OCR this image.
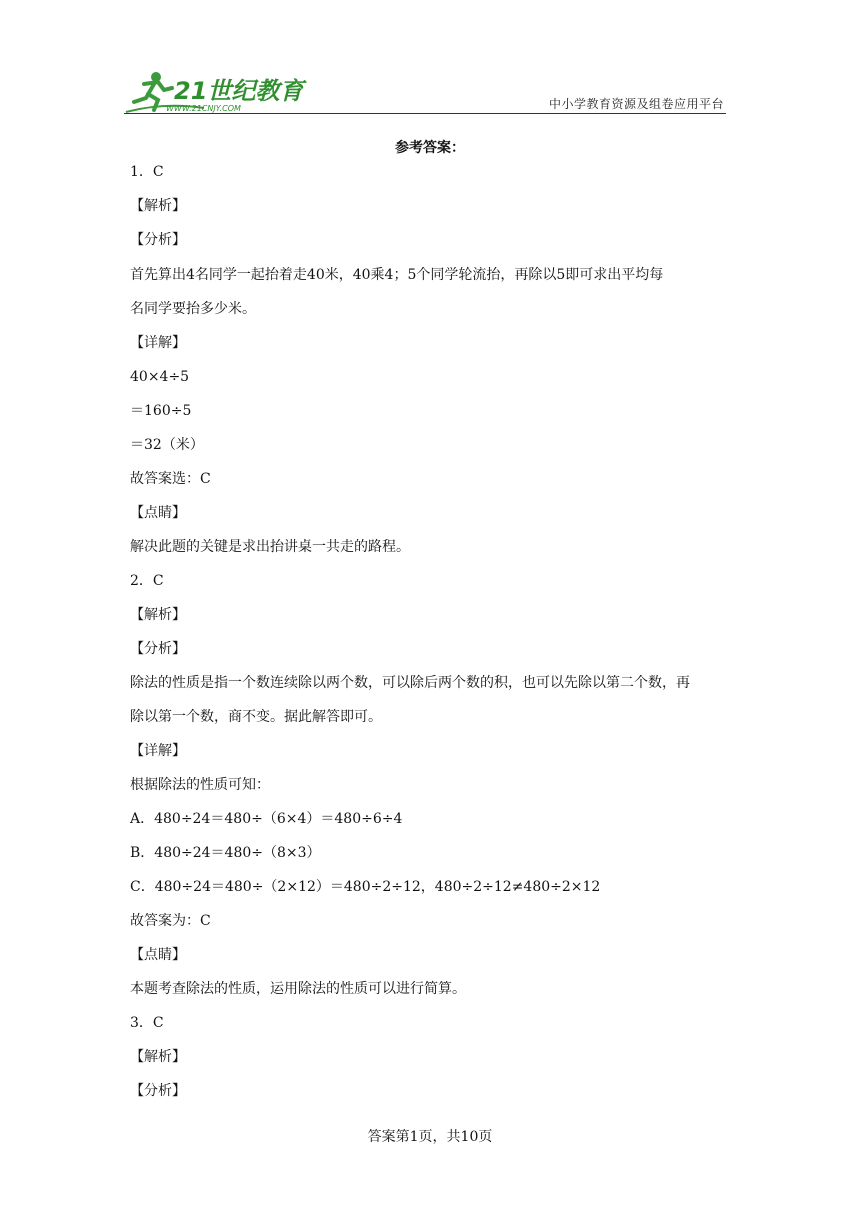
21世纪教育
WWW.21CNJY.COM	中小学教育资源及组卷应用平台
参考答案：
1．C
【解析】
【分析】
首先算出4名同学一起抬着走40米，40乘4；5个同学轮流抬，再除以5即可求出平均每
名同学要抬多少米。
【详解】
40×4÷5
＝160÷5
＝32（米）
故答案选：C
【点睛】
解决此题的关键是求出抬讲桌一共走的路程。
2．C
【解析】
【分析】
除法的性质是指一个数连续除以两个数，可以除后两个数的积，也可以先除以第二个数，再
除以第一个数，商不变。据此解答即可。
【详解】
根据除法的性质可知：
A．480÷24＝480÷（6×4）＝480÷6÷4
B．480÷24＝480÷（8×3）
C．480÷24＝480÷（2×12）＝480÷2÷12，480÷2÷12≠480÷2×12
故答案为：C
【点睛】
本题考查除法的性质，运用除法的性质可以进行简算。
3．C
【解析】
【分析】
答案第1页，共10页
